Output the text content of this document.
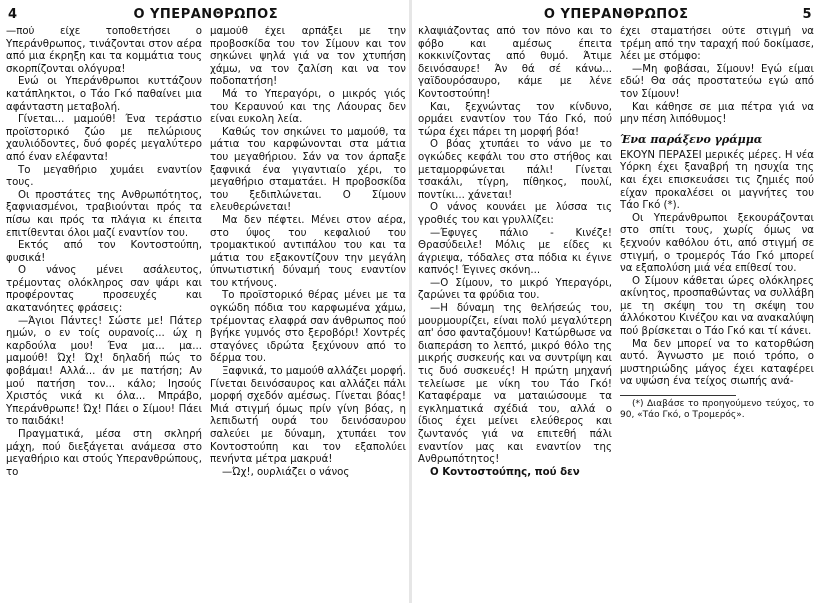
4	Ο ΥΠΕΡΑΝΘΡΩΠΟΣ

—πού είχε τοποθετήσει ο Υπεράνθρωπος, τινάζονται στον αέρα από μια έκρηξη και τα κομμάτια τους σκορπίζονται ολόγυρα!

Ενώ οι Υπεράνθρωποι κυττάζουν κατάπληκτοι, ο Τάο Γκό παθαίνει μια αφάνταστη μεταβολή.

Γίνεται... μαμούθ! Ένα τεράστιο προϊστορικό ζώο με πελώριους χαυλιόδοντες, δυό φορές μεγαλύτερο από έναν ελέφαντα!

Το μεγαθήριο χυμάει εναντίον τους.

Οι προστάτες της Ανθρωπότητος, ξαφνιασμένοι, τραβιούνται πρός τα πίσω και πρός τα πλάγια κι έπειτα επιτίθενται όλοι μαζί εναντίον του.

Εκτός από τον Κοντοστούπη, φυσικά!

Ο νάνος μένει ασάλευτος, τρέμοντας ολόκληρος σαν ψάρι και προφέροντας προσευχές και ακατανόητες φράσεις:

—Άγιοι Πάντες! Σώστε με! Πάτερ ημών, ο εν τοίς ουρανοίς... ώχ η καρδούλα μου! Ένα μα... μα... μαμούθ! Ώχ! Ώχ! δηλαδή πώς το φοβάμαι! Αλλά... άν με πατήση; Αν μού πατήση τον... κάλο; Ιησούς Χριστός νικά κι όλα... Μπράβο, Υπεράνθρωπε! Ώχ! Πάει ο Σίμου! Πάει το παιδάκι!

Πραγματικά, μέσα στη σκληρή μάχη, πού διεξάγεται ανάμεσα στο μεγαθήριο και στούς Υπερανθρώπους, το

μαμούθ έχει αρπάξει με την προβοσκίδα του τον Σίμουν και τον σηκώνει ψηλά γιά να τον χτυπήση χάμω, να τον ζαλίση και να τον ποδοπατήση!

Μά το Υπεραγόρι, ο μικρός γιός του Κεραυνού και της Λάουρας δεν είναι ευκολη λεία.

Καθώς τον σηκώνει το μαμούθ, τα μάτια του καρφώνονται στα μάτια του μεγαθήριου. Σάν να τον άρπαξε ξαφνικά ένα γιγαντιαίο χέρι, το μεγαθήριο σταματάει. Η προβοσκίδα του ξεδιπλώνεται. Ο Σίμουν ελευθερώνεται!

Μα δεν πέφτει. Μένει στον αέρα, στο ύψος του κεφαλιού του τρομακτικού αντιπάλου του και τα μάτια του εξακοντίζουν την μεγάλη ύπνωτιστική δύναμή τους εναντίον του κτήνους.

Το προϊστορικό θέρας μένει με τα ογκώδη πόδια του καρφωμένα χάμω, τρέμοντας ελαφρά σαν άνθρωπος πού βγήκε γυμνός στο ξεροβόρι! Χοντρές σταγόνες ιδρώτα ξεχύνουν από το δέρμα του.

Ξαφνικά, το μαμούθ αλλάζει μορφή. Γίνεται δεινόσαυρος και αλλάζει πάλι μορφή σχεδόν αμέσως. Γίνεται βόας! Μιά στιγμή όμως πρίν γίνη βόας, η λεπιδωτή ουρά του δεινόσαυρου σαλεύει με δύναμη, χτυπάει τον Κοντοστούπη και τον εξαπολύει πενήντα μέτρα μακρυά!

—Ώχ!, ουρλιάζει ο νάνος

Ο ΥΠΕΡΑΝΘΡΩΠΟΣ	5

κλαψιάζοντας από τον πόνο και το φόβο και αμέσως έπειτα κοκκινίζοντας από θυμό. Άτιμε δεινόσαυρε! Άν θά σέ κάνω... γαϊδουρόσαυρο, κάμε με λένε Κοντοστούπη!

Και, ξεχνώντας τον κίνδυνο, ορμάει εναντίον του Τάο Γκό, πού τώρα έχει πάρει τη μορφή βόα!

Ο βόας χτυπάει το νάνο με το ογκώδες κεφάλι του στο στήθος και μεταμορφώνεται πάλι! Γίνεται τσακάλι, τίγρη, πίθηκος, πουλί, ποντίκι... χάνεται!

Ο νάνος κουνάει με λύσσα τις γροθιές του και γρυλλίζει:

—Έφυγες πάλιο - Κινέζε! Θρασύδειλε! Μόλις με είδες κι άγριεψα, τόδαλες στα πόδια κι έγινε καπνός! Έγινες σκόνη...

—Ο Σίμουν, το μικρό Υπεραγόρι, ζαρώνει τα φρύδια του.

—Η δύναμη της θελήσεώς του, μουρμουρίζει, είναι πολύ μεγαλύτερη απ' όσο φανταζόμουν! Κατώρθωσε να διαπεράση το λεπτό, μικρό θόλο της μικρής συσκευής και να συντρίψη και τις δυό συσκευές! Η πρώτη μηχανή τελείωσε με νίκη του Τάο Γκό! Καταφέραμε να ματαιώσουμε τα εγκληματικά σχέδιά του, αλλά ο ίδιος έχει μείνει ελεύθερος και ζωντανός γιά να επιτεθή πάλι εναντίον μας και εναντίον της Ανθρωπότητος!

Ο Κοντοστούπης, πού δεν

έχει σταματήσει ούτε στιγμή να τρέμη από την ταραχή πού δοκίμασε, λέει με στόμφο:

—Μη φοβάσαι, Σίμουν! Εγώ είμαι εδώ! Θα σάς προστατεύω εγώ από τον Σίμουν!

Και κάθησε σε μια πέτρα γιά να μην πέση λιπόθυμος!

Ένα παράξενο γράμμα

ΕΚΟΥΝ ΠΕΡΑΣΕΙ μερικές μέρες. Η νέα Υόρκη έχει ξαναβρή τη ησυχία της και έχει επισκευάσει τις ζημιές πού είχαν προκαλέσει οι μαγνήτες του Τάο Γκό (*).

Οι Υπεράνθρωποι ξεκουράζονται στο σπίτι τους, χωρίς όμως να ξεχνούν καθόλου ότι, από στιγμή σε στιγμή, ο τρομερός Τάο Γκό μπορεί να εξαπολύση μιά νέα επίθεσί του.

Ο Σίμουν κάθεται ώρες ολόκληρες ακίνητος, προσπαθώντας να συλλάβη με τη σκέψη του τη σκέψη του άλλόκοτου Κινέζου και να ανακαλύψη πού βρίσκεται ο Τάο Γκό και τί κάνει.

Μα δεν μπορεί να το κατορθώση αυτό. Άγνωστο με ποιό τρόπο, ο μυστηριώδης μάγος έχει καταφέρει να υψώση ένα τείχος σιωπής ανά-

(*) Διαβάσε το προηγούμενο τεύχος, το 90, «Τάο Γκό, ο Τρομερός».
